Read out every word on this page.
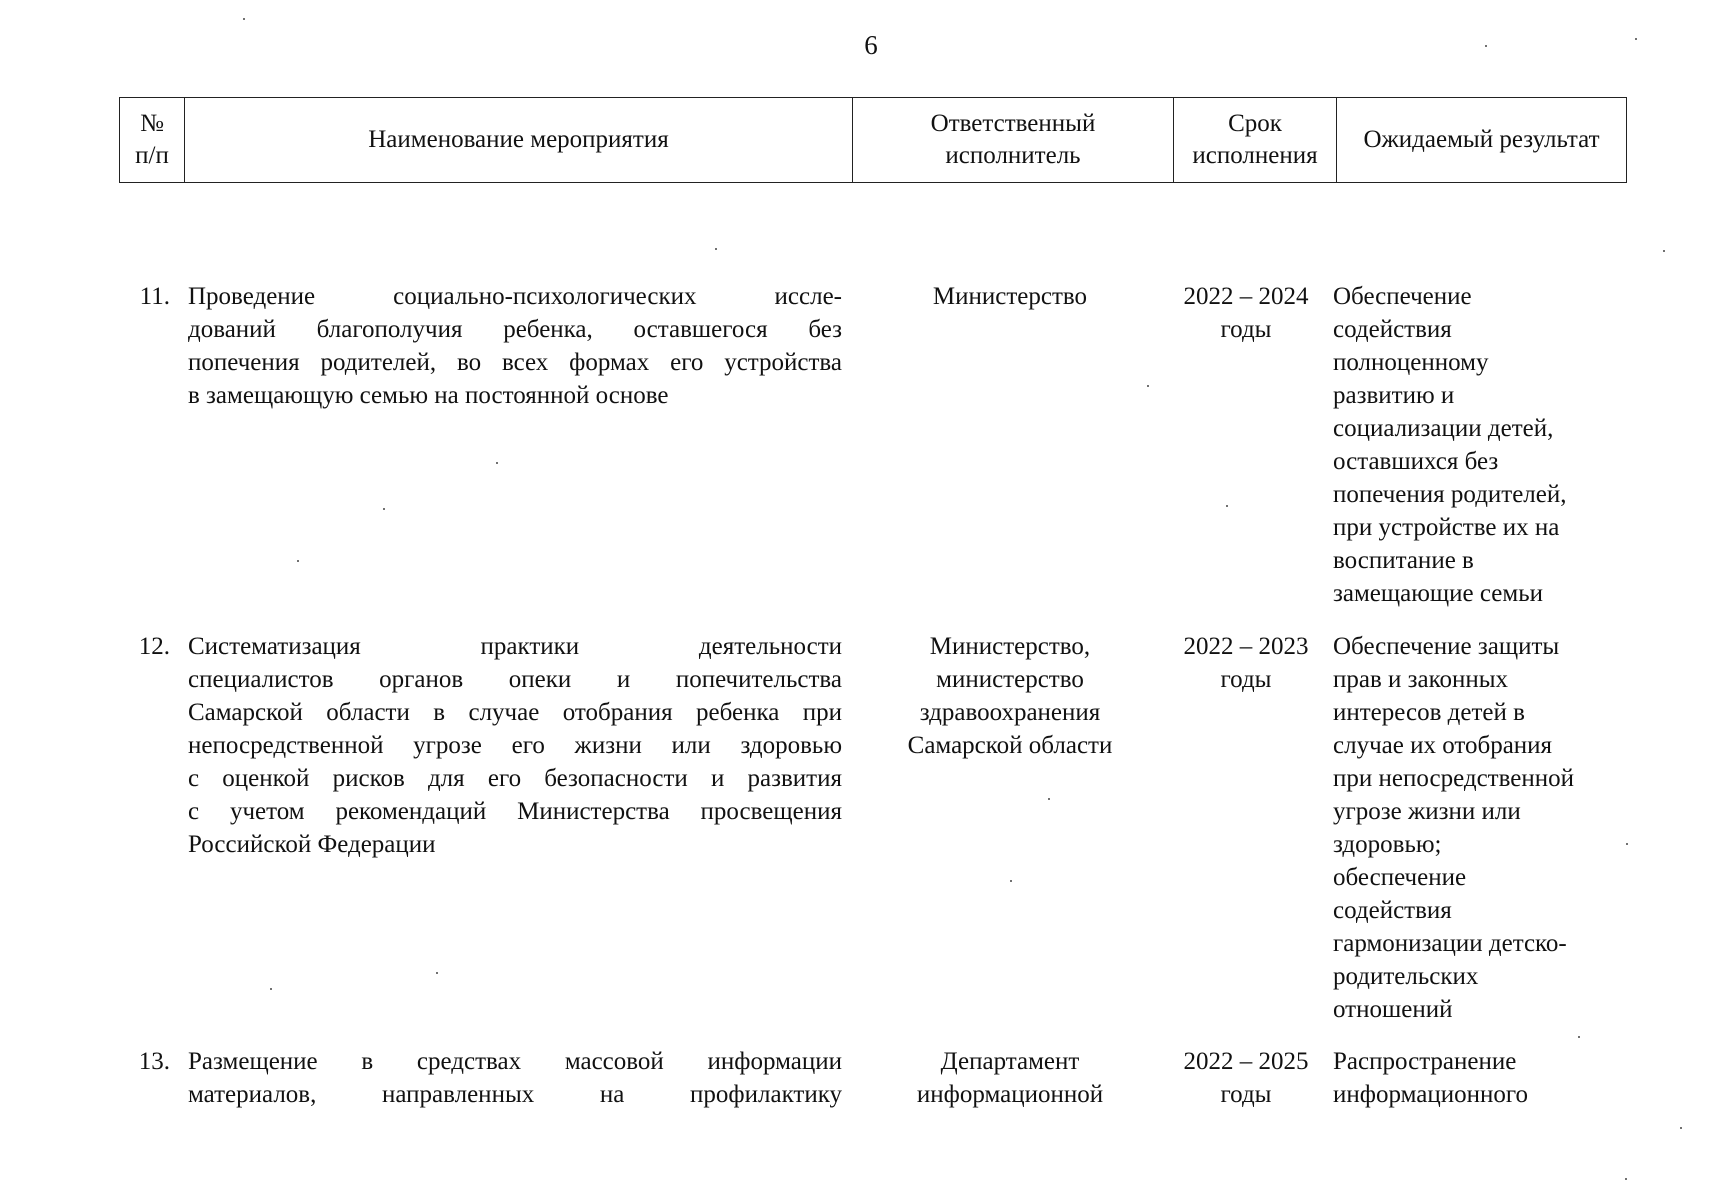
6
№
п/п
Наименование мероприятия
Ответственный
исполнитель
Срок
исполнения
Ожидаемый результат
11. Проведение социально-психологических иссле-
дований благополучия ребенка, оставшегося без
попечения родителей, во всех формах его устройства
в замещающую семью на постоянной основе
Министерство	2022 – 2024
годы
Обеспечение
содействия
полноценному
развитию и
социализации детей,
оставшихся без
попечения родителей,
при устройстве их на
воспитание в
замещающие семьи
12. Систематизация практики деятельности
специалистов органов опеки и попечительства
Самарской области в случае отобрания ребенка при
непосредственной угрозе его жизни или здоровью
с оценкой рисков для его безопасности и развития
с учетом рекомендаций Министерства просвещения
Российской Федерации
Министерство,
министерство
здравоохранения
Самарской области
2022 – 2023
годы
Обеспечение защиты
прав и законных
интересов детей в
случае их отобрания
при непосредственной
угрозе жизни или
здоровью;
обеспечение
содействия
гармонизации детско-
родительских
отношений
13. Размещение в средствах массовой информации
материалов, направленных на профилактику
Департамент
информационной
2022 – 2025
годы
Распространение
информационного
